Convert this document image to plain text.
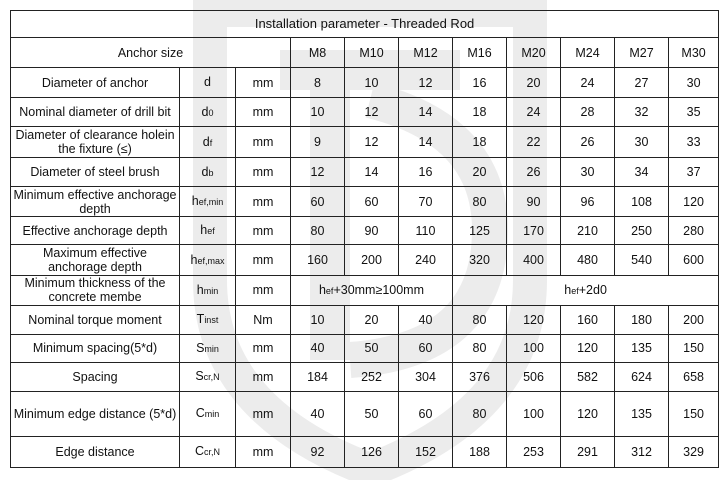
Installation parameter - Threaded Rod										
Anchor size			M8	M10	M12	M16	M20	M24	M27	M30
Diameter of anchor	d	mm	8	10	12	16	20	24	27	30
Nominal diameter of drill bit	d0	mm	10	12	14	18	24	28	32	35
Diameter of clearance holein the fixture (≤)	df	mm	9	12	14	18	22	26	30	33
Diameter of steel brush	db	mm	12	14	16	20	26	30	34	37
Minimum effective anchorage depth	hef,min	mm	60	60	70	80	90	96	108	120
Effective anchorage depth	hef	mm	80	90	110	125	170	210	250	280
Maximum effective anchorage depth	hef,max	mm	160	200	240	320	400	480	540	600
Minimum thickness of the concrete membe	hmin	mm	hef+30mm≥100mm			hef+2d0				
Nominal torque moment	Tinst	Nm	10	20	40	80	120	160	180	200
Minimum spacing(5*d)	Smin	mm	40	50	60	80	100	120	135	150
Spacing	Scr,N	mm	184	252	304	376	506	582	624	658
Minimum edge distance (5*d)	Cmin	mm	40	50	60	80	100	120	135	150
Edge distance	Ccr,N	mm	92	126	152	188	253	291	312	329
